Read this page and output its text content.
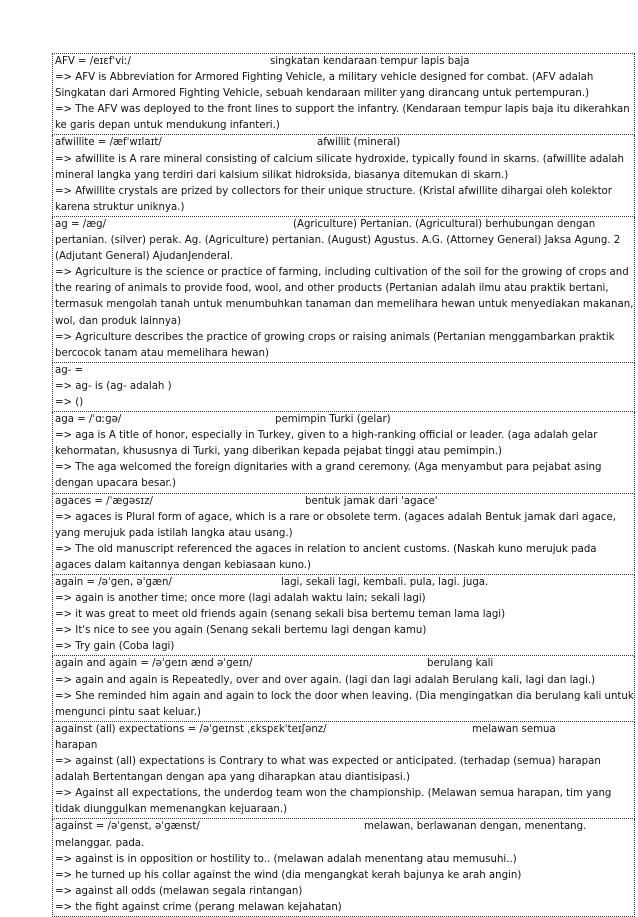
AFV = /eɪɛfˈviː/	singkatan kendaraan tempur lapis baja
=> AFV is Abbreviation for Armored Fighting Vehicle, a military vehicle designed for combat. (AFV adalah Singkatan dari Armored Fighting Vehicle, sebuah kendaraan militer yang dirancang untuk pertempuran.)
=> The AFV was deployed to the front lines to support the infantry. (Kendaraan tempur lapis baja itu dikerahkan ke garis depan untuk mendukung infanteri.)
afwillite = /æfˈwɪlaɪt/	afwillit (mineral)
=> afwillite is A rare mineral consisting of calcium silicate hydroxide, typically found in skarns. (afwillite adalah mineral langka yang terdiri dari kalsium silikat hidroksida, biasanya ditemukan di skarn.)
=> Afwillite crystals are prized by collectors for their unique structure. (Kristal afwillite dihargai oleh kolektor karena struktur uniknya.)
ag = /æg/	(Agriculture) Pertanian. (Agricultural) berhubungan dengan
pertanian. (silver) perak. Ag. (Agriculture) pertanian. (August) Agustus. A.G. (Attorney General) Jaksa Agung. 2 (Adjutant General) AjudanJenderal.
=> Agriculture is the science or practice of farming, including cultivation of the soil for the growing of crops and the rearing of animals to provide food, wool, and other products (Pertanian adalah ilmu atau praktik bertani, termasuk mengolah tanah untuk menumbuhkan tanaman dan memelihara hewan untuk menyediakan makanan, wol, dan produk lainnya)
=> Agriculture describes the practice of growing crops or raising animals (Pertanian menggambarkan praktik bercocok tanam atau memelihara hewan)
ag- =
=> ag- is (ag- adalah )
=> ()
aga = /ˈɑːɡə/	pemimpin Turki (gelar)
=> aga is A title of honor, especially in Turkey, given to a high-ranking official or leader. (aga adalah gelar kehormatan, khususnya di Turki, yang diberikan kepada pejabat tinggi atau pemimpin.)
=> The aga welcomed the foreign dignitaries with a grand ceremony. (Aga menyambut para pejabat asing dengan upacara besar.)
agaces = /ˈæɡəsɪz/	bentuk jamak dari 'agace'
=> agaces is Plural form of agace, which is a rare or obsolete term. (agaces adalah Bentuk jamak dari agace, yang merujuk pada istilah langka atau usang.)
=> The old manuscript referenced the agaces in relation to ancient customs. (Naskah kuno merujuk pada agaces dalam kaitannya dengan kebiasaan kuno.)
again = /əˈɡen, əˈɡæn/	lagi, sekali lagi, kembali. pula, lagi. juga.
=> again is another time; once more (lagi adalah waktu lain; sekali lagi)
=> it was great to meet old friends again (senang sekali bisa bertemu teman lama lagi)
=> It's nice to see you again (Senang sekali bertemu lagi dengan kamu)
=> Try gain (Coba lagi)
again and again = /əˈɡeɪn ænd əˈɡeɪn/	berulang kali
=> again and again is Repeatedly, over and over again. (lagi dan lagi adalah Berulang kali, lagi dan lagi.)
=> She reminded him again and again to lock the door when leaving. (Dia mengingatkan dia berulang kali untuk mengunci pintu saat keluar.)
against (all) expectations = /əˈɡeɪnst ˌɛkspɛkˈteɪʃənz/	melawan semua
harapan
=> against (all) expectations is Contrary to what was expected or anticipated. (terhadap (semua) harapan adalah Bertentangan dengan apa yang diharapkan atau diantisipasi.)
=> Against all expectations, the underdog team won the championship. (Melawan semua harapan, tim yang tidak diunggulkan memenangkan kejuaraan.)
against = /əˈɡenst, əˈɡænst/	melawan, berlawanan dengan, menentang.
melanggar. pada.
=> against is in opposition or hostility to.. (melawan adalah menentang atau memusuhi..)
=> he turned up his collar against the wind (dia mengangkat kerah bajunya ke arah angin)
=> against all odds (melawan segala rintangan)
=> the fight against crime (perang melawan kejahatan)
